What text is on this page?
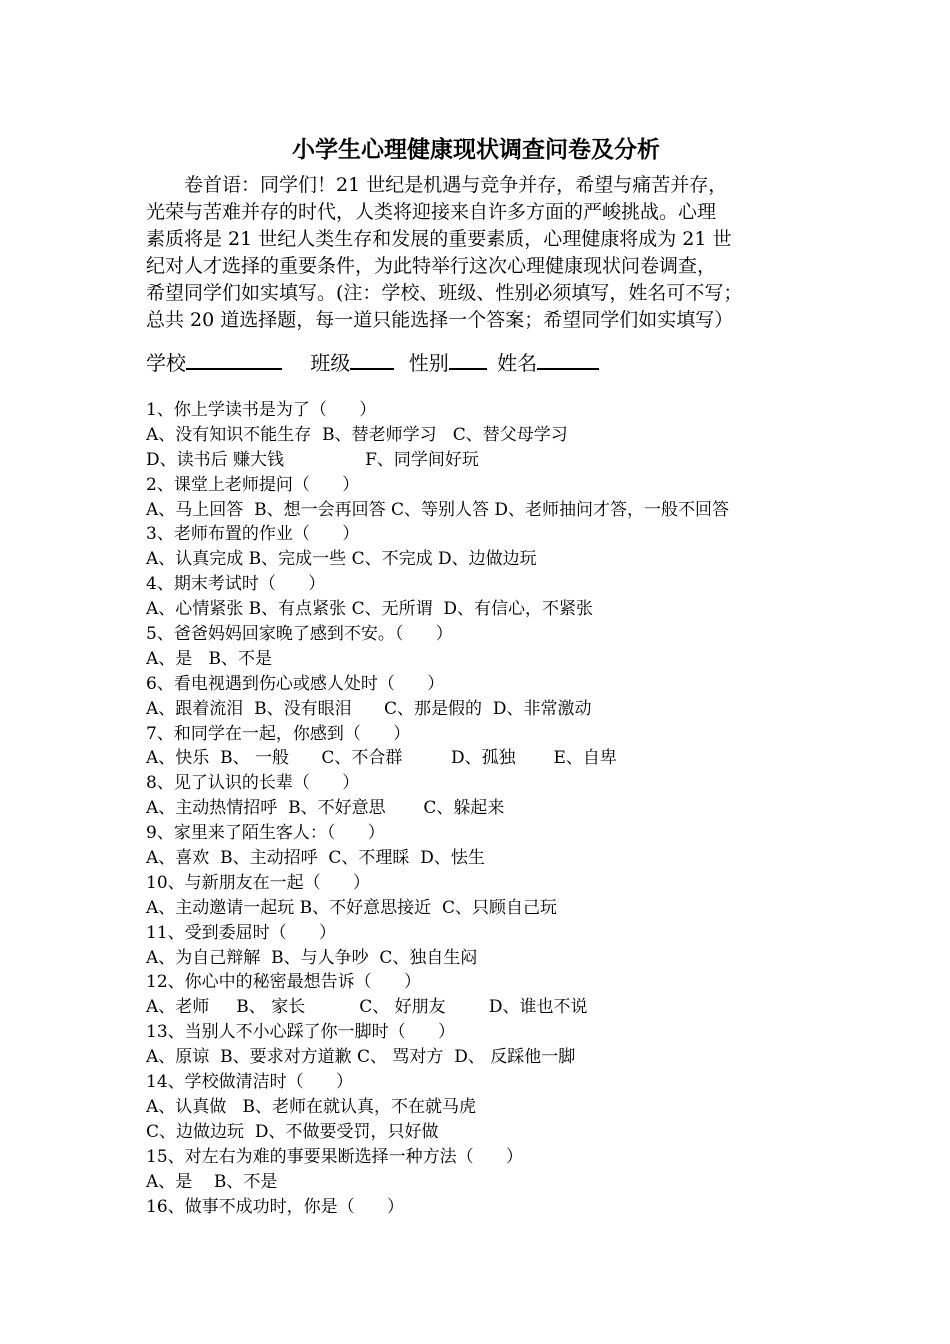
小学生心理健康现状调查问卷及分析
　　卷首语：同学们！21 世纪是机遇与竞争并存，希望与痛苦并存，
光荣与苦难并存的时代，人类将迎接来自许多方面的严峻挑战。心理
素质将是 21 世纪人类生存和发展的重要素质，心理健康将成为 21 世
纪对人才选择的重要条件，为此特举行这次心理健康现状问卷调查，
希望同学们如实填写。(注：学校、班级、性别必须填写，姓名可不写；
总共 20 道选择题，每一道只能选择一个答案；希望同学们如实填写）
学校	班级	性别 姓名
1、你上学读书是为了（      ）
A、没有知识不能生存  B、替老师学习   C、替父母学习
D、读书后 赚大钱               F、同学间好玩
2、课堂上老师提问（      ）
A、马上回答  B、想一会再回答 C、等别人答 D、老师抽问才答，一般不回答
3、老师布置的作业（      ）
A、认真完成 B、完成一些 C、不完成 D、边做边玩
4、期末考试时（      ）
A、心情紧张 B、有点紧张 C、无所谓  D、有信心，不紧张
5、爸爸妈妈回家晚了感到不安。（      ）
A、是   B、不是
6、看电视遇到伤心或感人处时（      ）
A、跟着流泪  B、没有眼泪      C、那是假的  D、非常激动
7、和同学在一起，你感到（      ）
A、快乐  B、 一般      C、不合群         D、孤独       E、自卑
8、见了认识的长辈（      ）
A、主动热情招呼  B、不好意思       C、躲起来
9、家里来了陌生客人：（      ）
A、喜欢  B、主动招呼  C、不理睬  D、怯生
10、与新朋友在一起（      ）
A、主动邀请一起玩 B、不好意思接近  C、只顾自己玩
11、受到委屈时（      ）
A、为自己辩解  B、与人争吵  C、独自生闷
12、你心中的秘密最想告诉（      ）
A、老师     B、 家长          C、 好朋友        D、谁也不说
13、当别人不小心踩了你一脚时（      ）
A、原谅  B、要求对方道歉 C、 骂对方  D、 反踩他一脚
14、学校做清洁时（      ）
A、认真做   B、老师在就认真，不在就马虎
C、边做边玩  D、不做要受罚，只好做
15、对左右为难的事要果断选择一种方法（      ）
A、是    B、不是
16、做事不成功时，你是（      ）
